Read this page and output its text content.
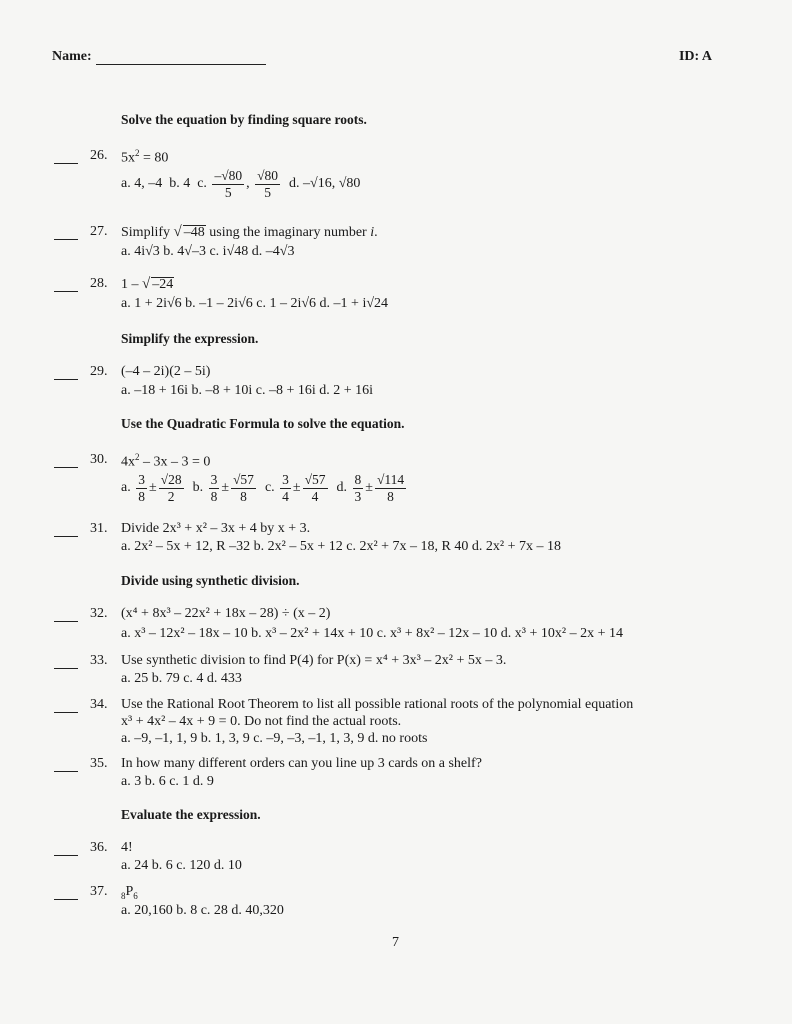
Name:	ID: A
Solve the equation by finding square roots.
26. $5x^2 = 80$
a. 4, –4 b. 4 c. $\frac{-√80}{5}$ , $\frac{√80}{5} d$. –√16, √80
27. Simplify √ –48 using the imaginary number i.
a. 4i√3 b. 4√–3 c. i√48 d. –4√3
28. 1 – √ –24
a. 1 + 2i√6 b. –1 – 2i√6 c. 1 – 2i√6 d. –1 + i√24
Simplify the expression.
29. (–4 – 2i)(2 – 5i)
a. –18 + 16i b. –8 + 10i c. –8 + 16i d. 2 + 16i
Use the Quadratic Formula to solve the equation.
30. $4x^2 - 3x - 3 = 0$
a. $\frac{3}{8} \pm \frac{√28}{2} b$. $\frac{3}{8} \pm \frac{√57}{8} c$. $\frac{3}{4} \pm \frac{√57}{4} d$. $\frac{8}{3} \pm \frac{√114}{8}$
31. Divide 2x³ + x² – 3x + 4 by x + 3.
a. 2x² – 5x + 12, R –32 b. 2x² – 5x + 12 c. 2x² + 7x – 18, R 40 d. 2x² + 7x – 18
Divide using synthetic division.
32. (x⁴ + 8x³ – 22x² + 18x – 28) ÷ (x – 2)
a. x³ – 12x² – 18x – 10 b. x³ – 2x² + 14x + 10 c. x³ + 8x² – 12x – 10 d. x³ + 10x² – 2x + 14
33. Use synthetic division to find P(4) for P(x) = x⁴ + 3x³ – 2x² + 5x – 3.
a. 25 b. 79 c. 4 d. 433
34. Use the Rational Root Theorem to list all possible rational roots of the polynomial equation
x³ + 4x² – 4x + 9 = 0. Do not find the actual roots.
a. –9, –1, 1, 9 b. 1, 3, 9 c. –9, –3, –1, 1, 3, 9 d. no roots
35. In how many different orders can you line up 3 cards on a shelf?
a. 3 b. 6 c. 1 d. 9
Evaluate the expression.
36. 4!
a. 24 b. 6 c. 120 d. 10
37. $_8P_6$
a. 20,160 b. 8 c. 28 d. 40,320
7
